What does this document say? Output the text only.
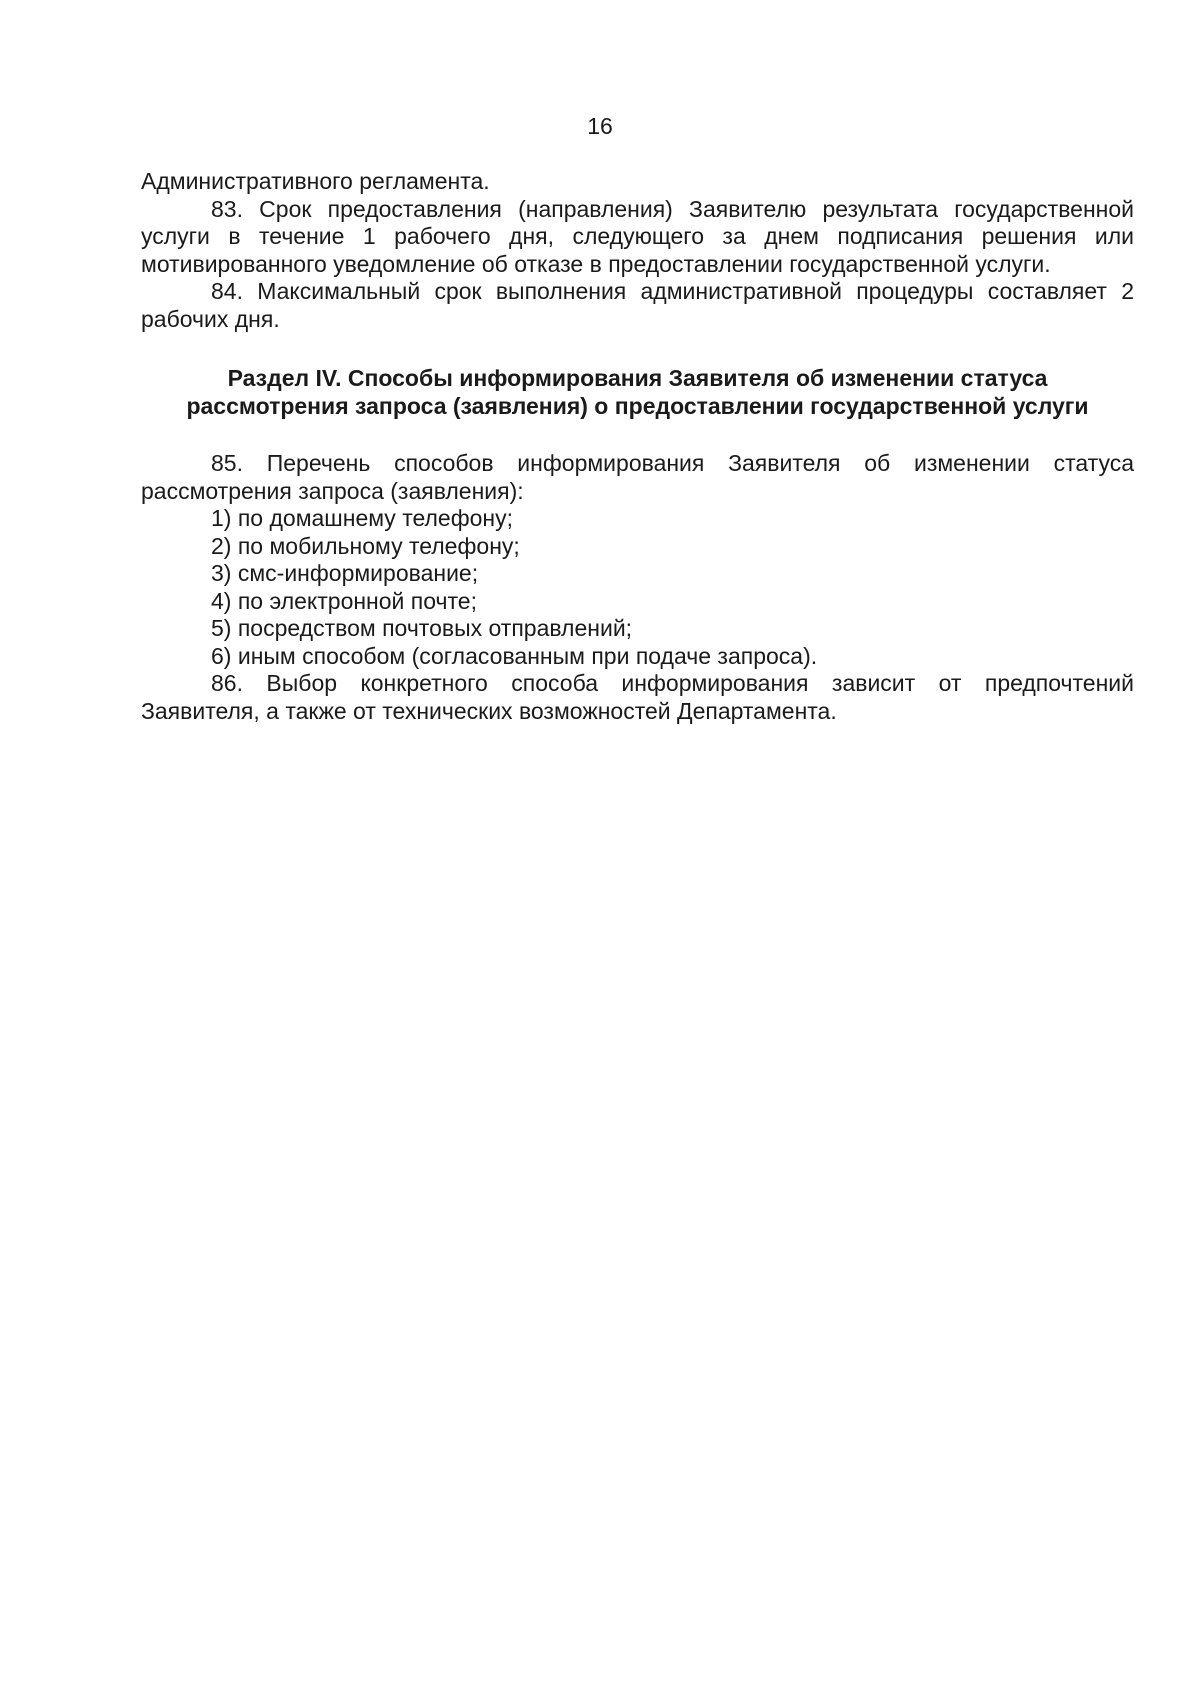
16

Административного регламента.

83. Срок предоставления (направления) Заявителю результата государственной услуги в течение 1 рабочего дня, следующего за днем подписания решения или мотивированного уведомление об отказе в предоставлении государственной услуги.

84. Максимальный срок выполнения административной процедуры составляет 2 рабочих дня.

Раздел IV. Способы информирования Заявителя об изменении статуса
рассмотрения запроса (заявления) о предоставлении государственной услуги

85. Перечень способов информирования Заявителя об изменении статуса рассмотрения запроса (заявления):

1) по домашнему телефону;

2) по мобильному телефону;

3) смс-информирование;

4) по электронной почте;

5) посредством почтовых отправлений;

6) иным способом (согласованным при подаче запроса).

86. Выбор конкретного способа информирования зависит от предпочтений Заявителя, а также от технических возможностей Департамента.
